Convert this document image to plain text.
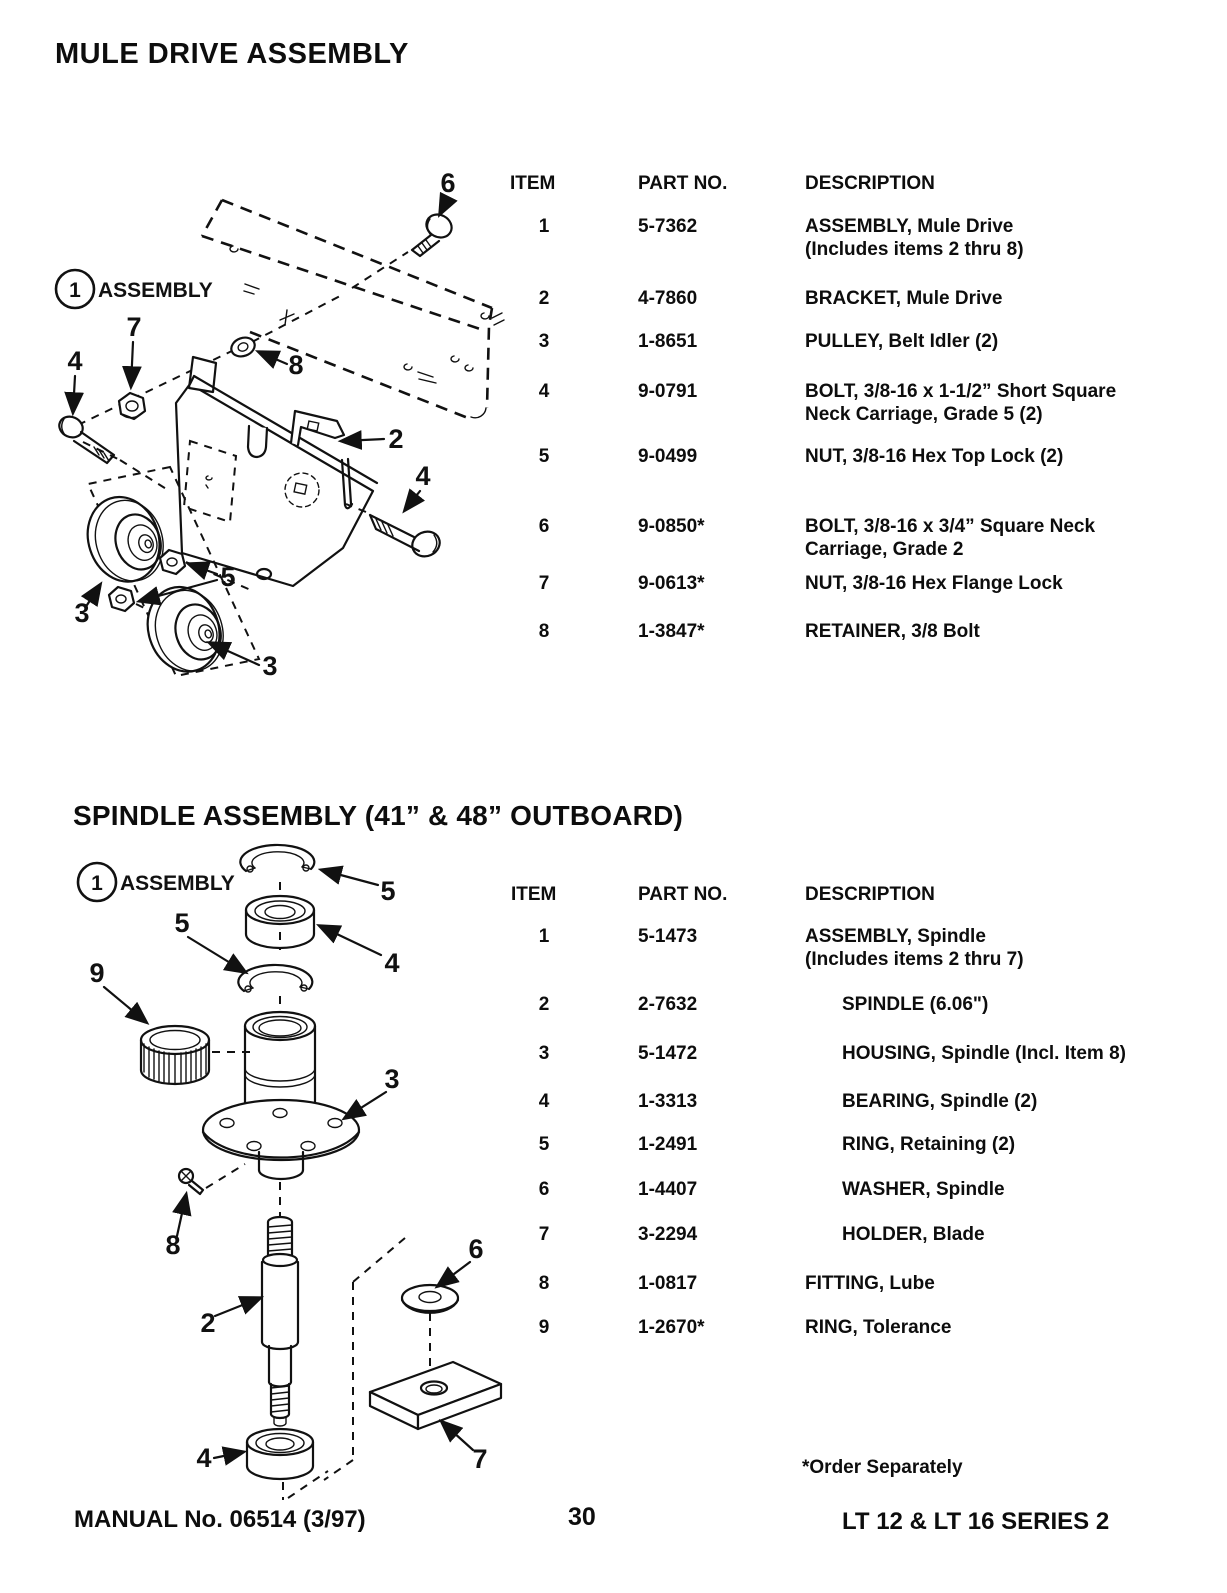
MULE DRIVE ASSEMBLY
6
1 ASSEMBLY
7
4	8
2
4
5
3
3
ITEM	PART NO.	DESCRIPTION
1	5-7362	ASSEMBLY, Mule Drive
(Includes items 2 thru 8)
2	4-7860	BRACKET, Mule Drive
3	1-8651	PULLEY, Belt Idler (2)
4	9-0791	BOLT, 3/8-16 x 1-1/2” Short Square
Neck Carriage, Grade 5 (2)
5	9-0499	NUT, 3/8-16 Hex Top Lock (2)
6	9-0850*	BOLT, 3/8-16 x 3/4” Square Neck
Carriage, Grade 2
7	9-0613*	NUT, 3/8-16 Hex Flange Lock
8	1-3847*	RETAINER, 3/8 Bolt
SPINDLE ASSEMBLY (41” & 48” OUTBOARD)
1 ASSEMBLY	5
4
5
9
3
8
2
6
7
4
ITEM	PART NO.	DESCRIPTION
1	5-1473	ASSEMBLY, Spindle
(Includes items 2 thru 7)
2	2-7632	SPINDLE (6.06")
3	5-1472	HOUSING, Spindle (Incl. Item 8)
4	1-3313	BEARING, Spindle (2)
5	1-2491	RING, Retaining (2)
6	1-4407	WASHER, Spindle
7	3-2294	HOLDER, Blade
8	1-0817	FITTING, Lube
9	1-2670*	RING, Tolerance
*Order Separately
MANUAL No. 06514 (3/97)	LT 12 & LT 16 SERIES 2
30
